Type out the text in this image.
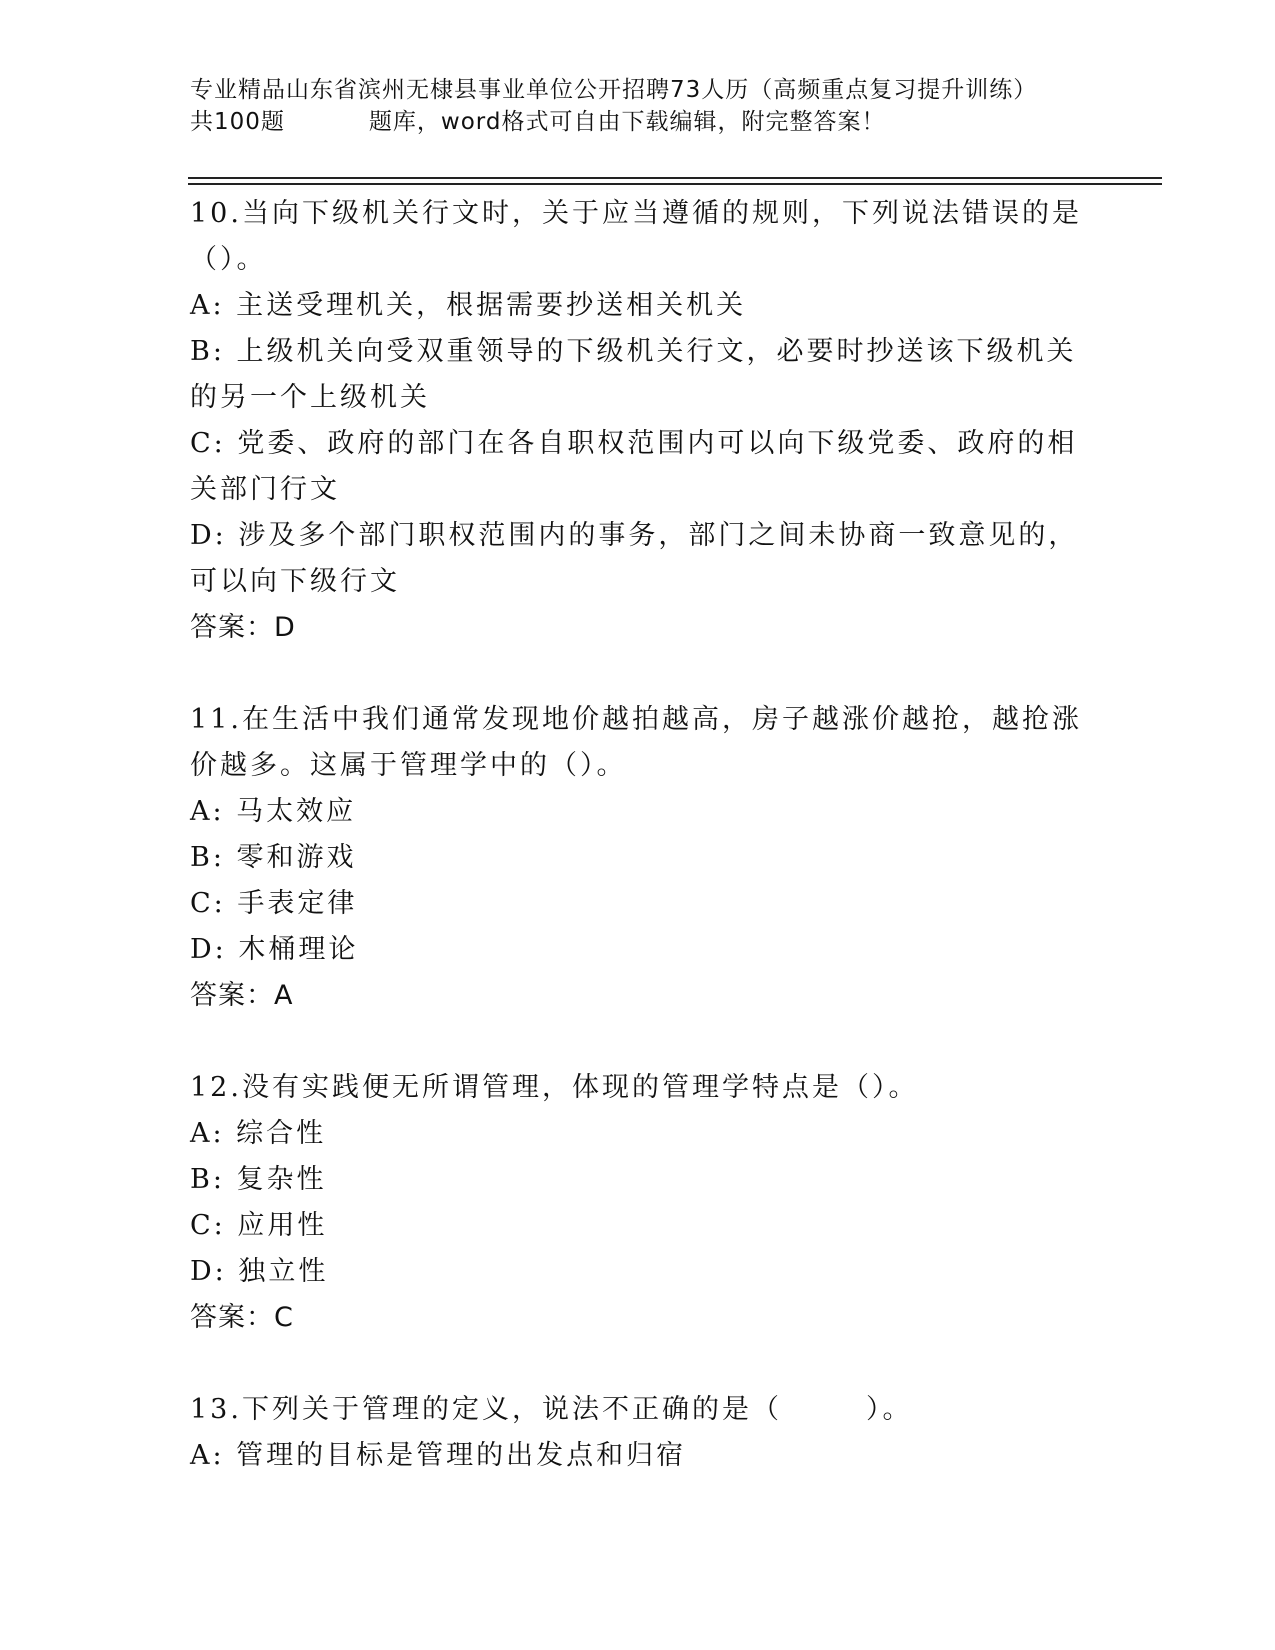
专业精品山东省滨州无棣县事业单位公开招聘73人历（高频重点复习提升训练）
共100题	题库，word格式可自由下载编辑，附完整答案！

10.当向下级机关行文时，关于应当遵循的规则，下列说法错误的是（）。

A: 主送受理机关，根据需要抄送相关机关

B: 上级机关向受双重领导的下级机关行文，必要时抄送该下级机关的另一个上级机关

C: 党委、政府的部门在各自职权范围内可以向下级党委、政府的相关部门行文

D: 涉及多个部门职权范围内的事务，部门之间未协商一致意见的，可以向下级行文

答案：D

11.在生活中我们通常发现地价越拍越高，房子越涨价越抢，越抢涨价越多。这属于管理学中的（）。

A: 马太效应

B: 零和游戏

C: 手表定律

D: 木桶理论

答案：A

12.没有实践便无所谓管理，体现的管理学特点是（）。

A: 综合性

B: 复杂性

C: 应用性

D: 独立性

答案：C

13.下列关于管理的定义，说法不正确的是（	）。

A: 管理的目标是管理的出发点和归宿
